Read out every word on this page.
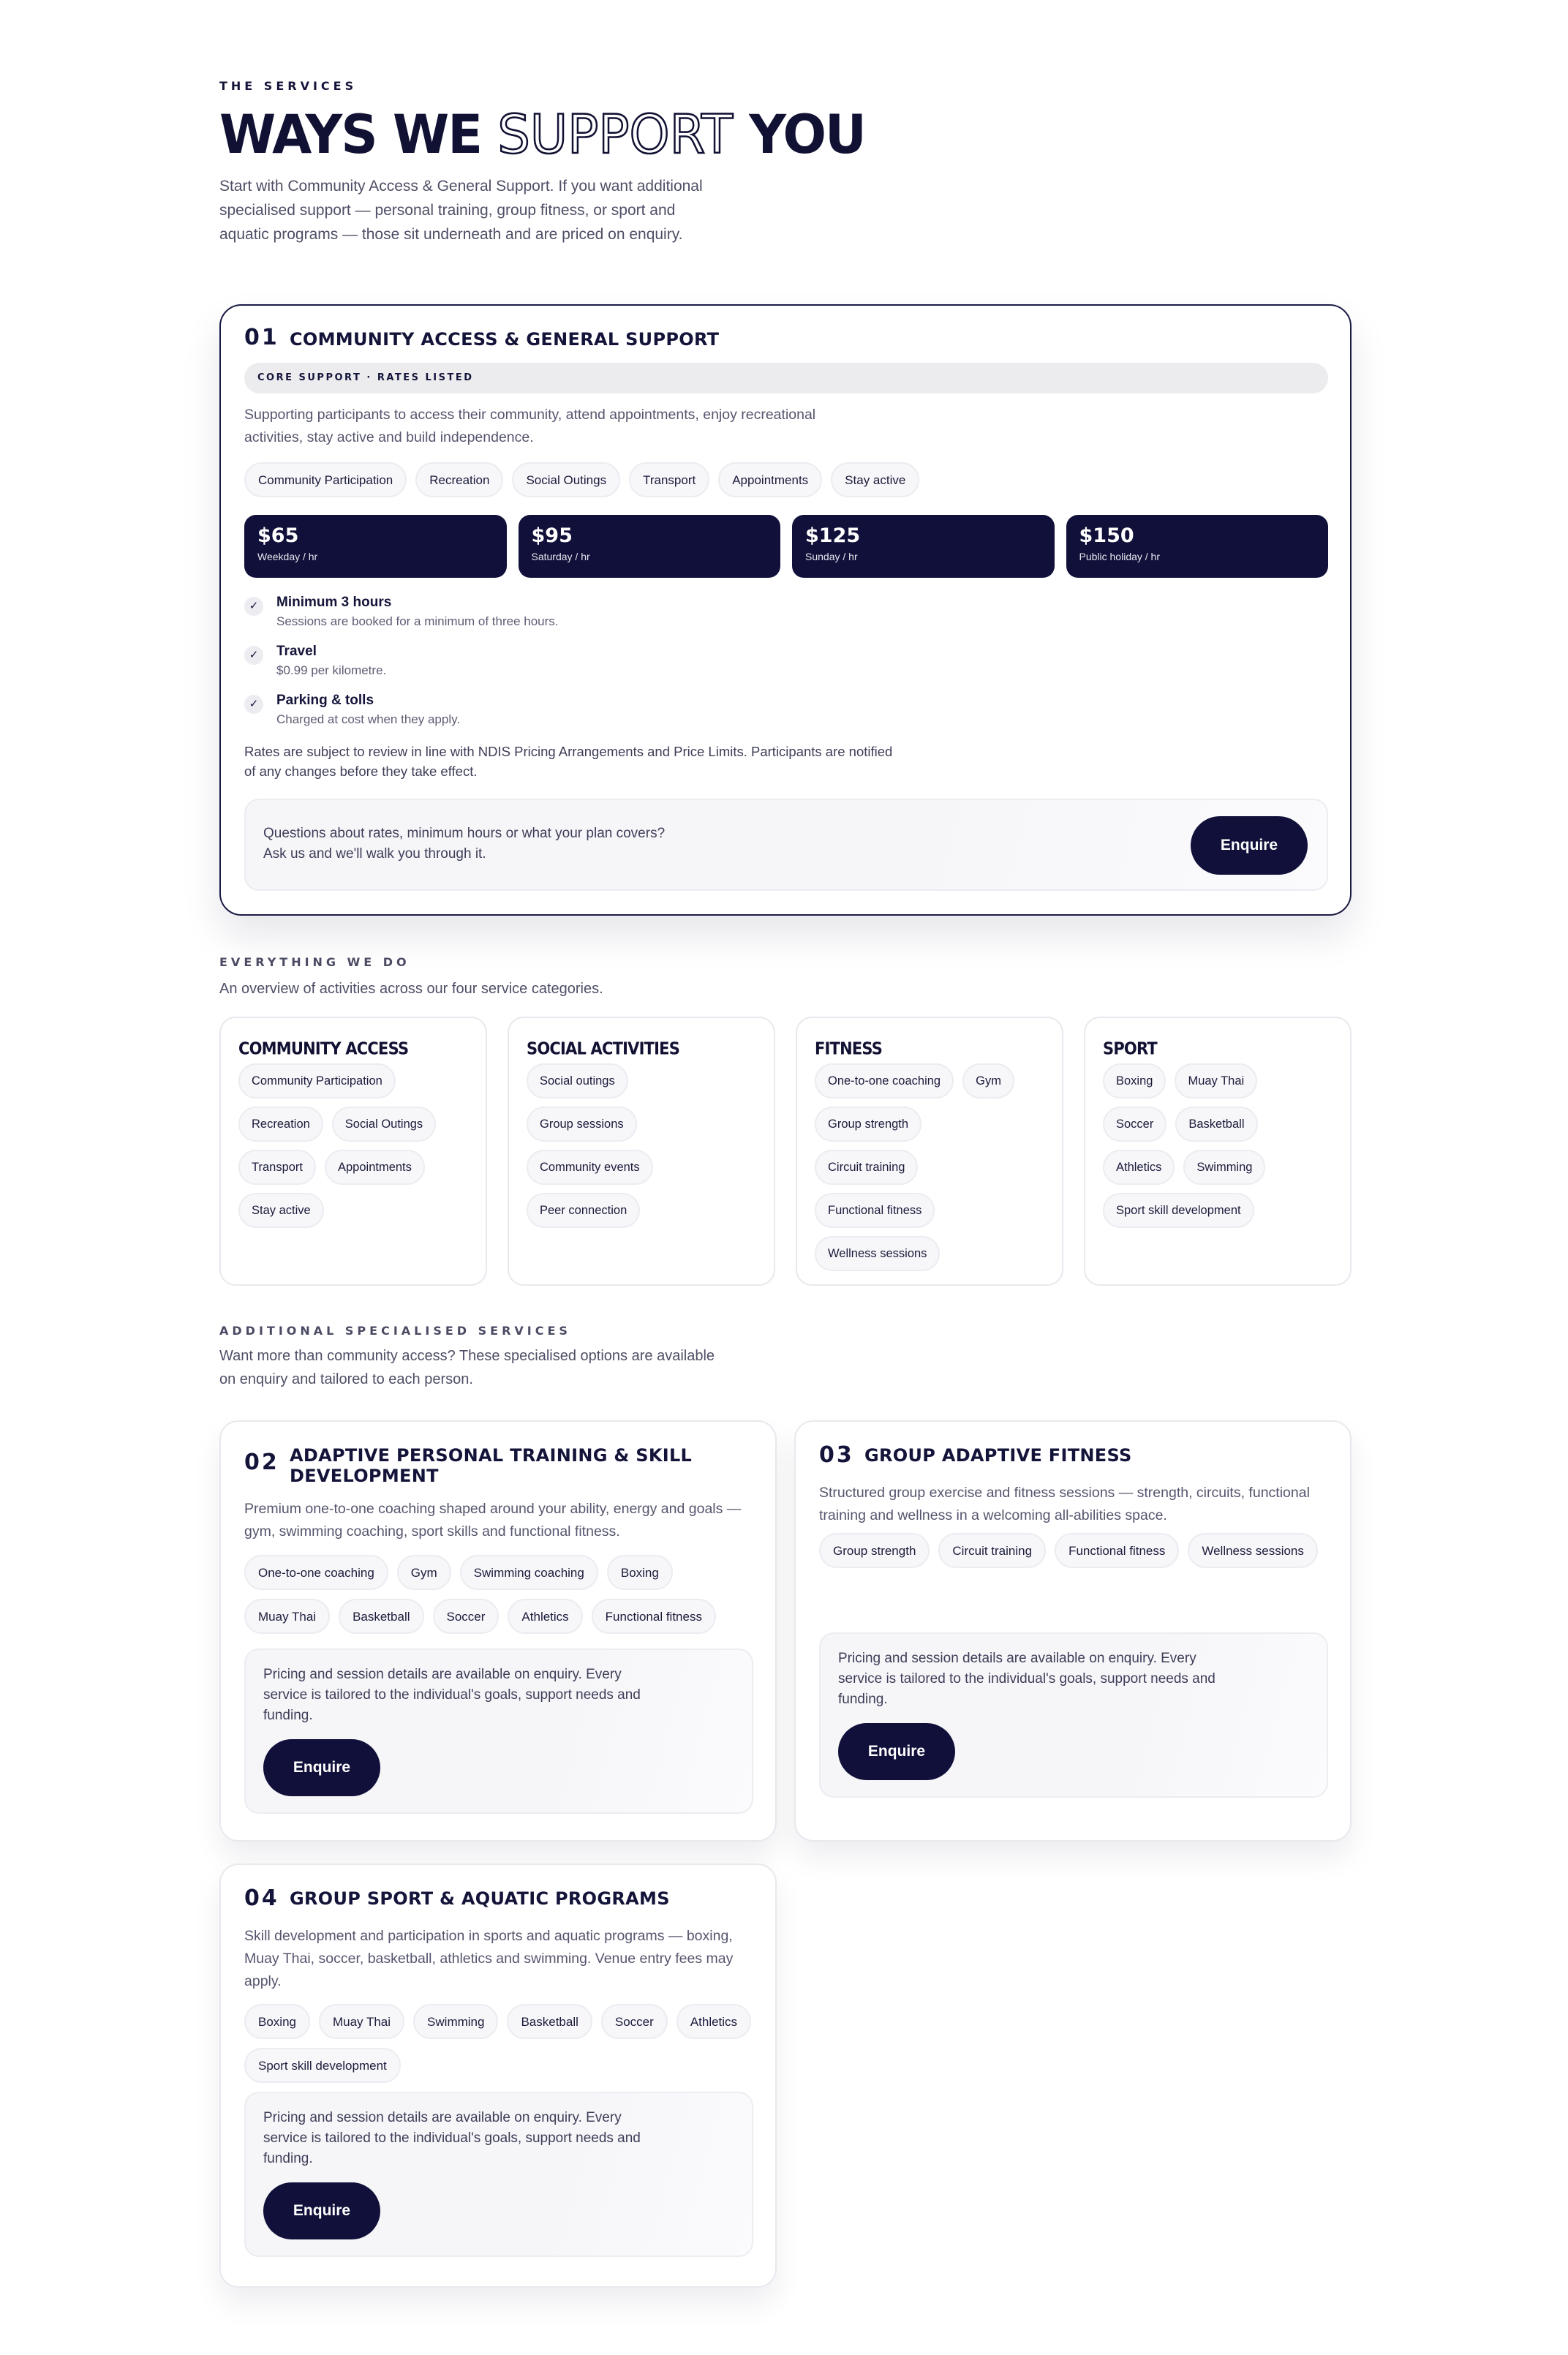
THE SERVICES
WAYS WE SUPPORT YOU

Start with Community Access & General Support. If you want additional specialised support — personal training, group fitness, or sport and aquatic programs — those sit underneath and are priced on enquiry.

01 COMMUNITY ACCESS & GENERAL SUPPORT
CORE SUPPORT · RATES LISTED

Supporting participants to access their community, attend appointments, enjoy recreational activities, stay active and build independence.

Community Participation	Recreation	Social Outings	Transport	Appointments	Stay active
$65
Weekday / hr
$95
Saturday / hr
$125
Sunday / hr
$150
Public holiday / hr
✓	Minimum 3 hours
Sessions are booked for a minimum of three hours.
✓	Travel
$0.99 per kilometre.
✓	Parking & tolls
Charged at cost when they apply.

Rates are subject to review in line with NDIS Pricing Arrangements and Price Limits. Participants are notified of any changes before they take effect.

Questions about rates, minimum hours or what your plan covers? Ask us and we'll walk you through it.

Enquire
EVERYTHING WE DO

An overview of activities across our four service categories.

COMMUNITY ACCESS
Community Participation
Recreation	Social Outings
Transport	Appointments
Stay active
SOCIAL ACTIVITIES
Social outings
Group sessions
Community events
Peer connection
FITNESS
One-to-one coaching	Gym
Group strength
Circuit training
Functional fitness
Wellness sessions
SPORT
Boxing	Muay Thai
Soccer	Basketball
Athletics	Swimming
Sport skill development
ADDITIONAL SPECIALISED SERVICES

Want more than community access? These specialised options are available on enquiry and tailored to each person.

02 ADAPTIVE PERSONAL TRAINING & SKILL DEVELOPMENT

Premium one-to-one coaching shaped around your ability, energy and goals — gym, swimming coaching, sport skills and functional fitness.

One-to-one coaching	Gym	Swimming coaching	Boxing
Muay Thai	Basketball	Soccer	Athletics	Functional fitness

Pricing and session details are available on enquiry. Every service is tailored to the individual's goals, support needs and funding.

Enquire
03 GROUP ADAPTIVE FITNESS

Structured group exercise and fitness sessions — strength, circuits, functional training and wellness in a welcoming all-abilities space.

Group strength	Circuit training	Functional fitness	Wellness sessions

Pricing and session details are available on enquiry. Every service is tailored to the individual's goals, support needs and funding.

Enquire
04 GROUP SPORT & AQUATIC PROGRAMS

Skill development and participation in sports and aquatic programs — boxing, Muay Thai, soccer, basketball, athletics and swimming. Venue entry fees may apply.

Boxing	Muay Thai	Swimming	Basketball	Soccer	Athletics
Sport skill development

Pricing and session details are available on enquiry. Every service is tailored to the individual's goals, support needs and funding.

Enquire
